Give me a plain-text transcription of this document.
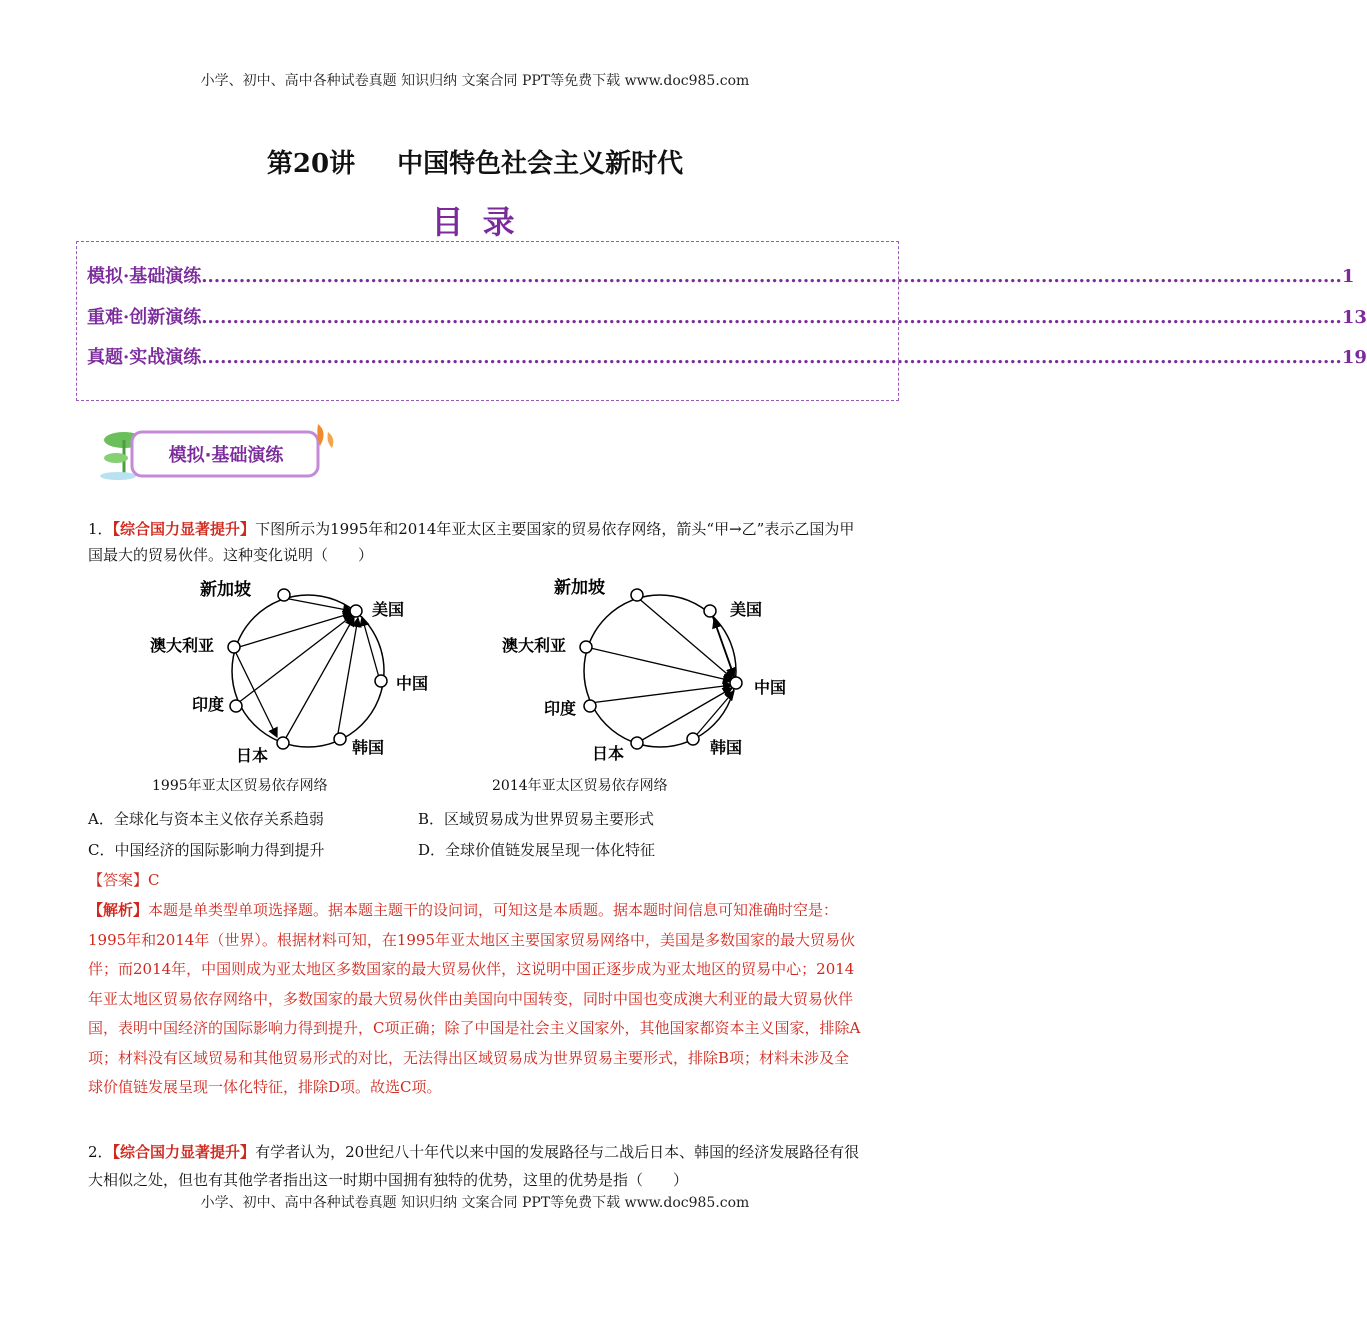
小学、初中、高中各种试卷真题 知识归纳 文案合同 PPT等免费下载 www.doc985.com
第20讲 中国特色社会主义新时代
目 录
模拟·基础演练 ...................................................................................................................................................................................... 1
重难·创新演练 ...................................................................................................................................................................................... 13
真题·实战演练 ...................................................................................................................................................................................... 19
模拟·基础演练
1．【综合国力显著提升】下图所示为1995年和2014年亚太区主要国家的贸易依存网络，箭头“甲→乙”表示乙国为甲国最大的贸易伙伴。这种变化说明（　　）
新加坡
美国
澳大利亚
中国
印度
日本	韩国
新加坡
美国
澳大利亚
中国
印度
日本	韩国
1995年亚太区贸易依存网络	2014年亚太区贸易依存网络
A．全球化与资本主义依存关系趋弱	B．区域贸易成为世界贸易主要形式
C．中国经济的国际影响力得到提升	D．全球价值链发展呈现一体化特征
【答案】C
【解析】本题是单类型单项选择题。据本题主题干的设问词，可知这是本质题。据本题时间信息可知准确时空是：1995年和2014年（世界）。根据材料可知，在1995年亚太地区主要国家贸易网络中，美国是多数国家的最大贸易伙伴；而2014年，中国则成为亚太地区多数国家的最大贸易伙伴，这说明中国正逐步成为亚太地区的贸易中心；2014年亚太地区贸易依存网络中，多数国家的最大贸易伙伴由美国向中国转变，同时中国也变成澳大利亚的最大贸易伙伴国，表明中国经济的国际影响力得到提升，C项正确；除了中国是社会主义国家外，其他国家都资本主义国家，排除A项；材料没有区域贸易和其他贸易形式的对比，无法得出区域贸易成为世界贸易主要形式，排除B项；材料未涉及全球价值链发展呈现一体化特征，排除D项。故选C项。
2．【综合国力显著提升】有学者认为，20世纪八十年代以来中国的发展路径与二战后日本、韩国的经济发展路径有很大相似之处，但也有其他学者指出这一时期中国拥有独特的优势，这里的优势是指（　　）
小学、初中、高中各种试卷真题 知识归纳 文案合同 PPT等免费下载 www.doc985.com
